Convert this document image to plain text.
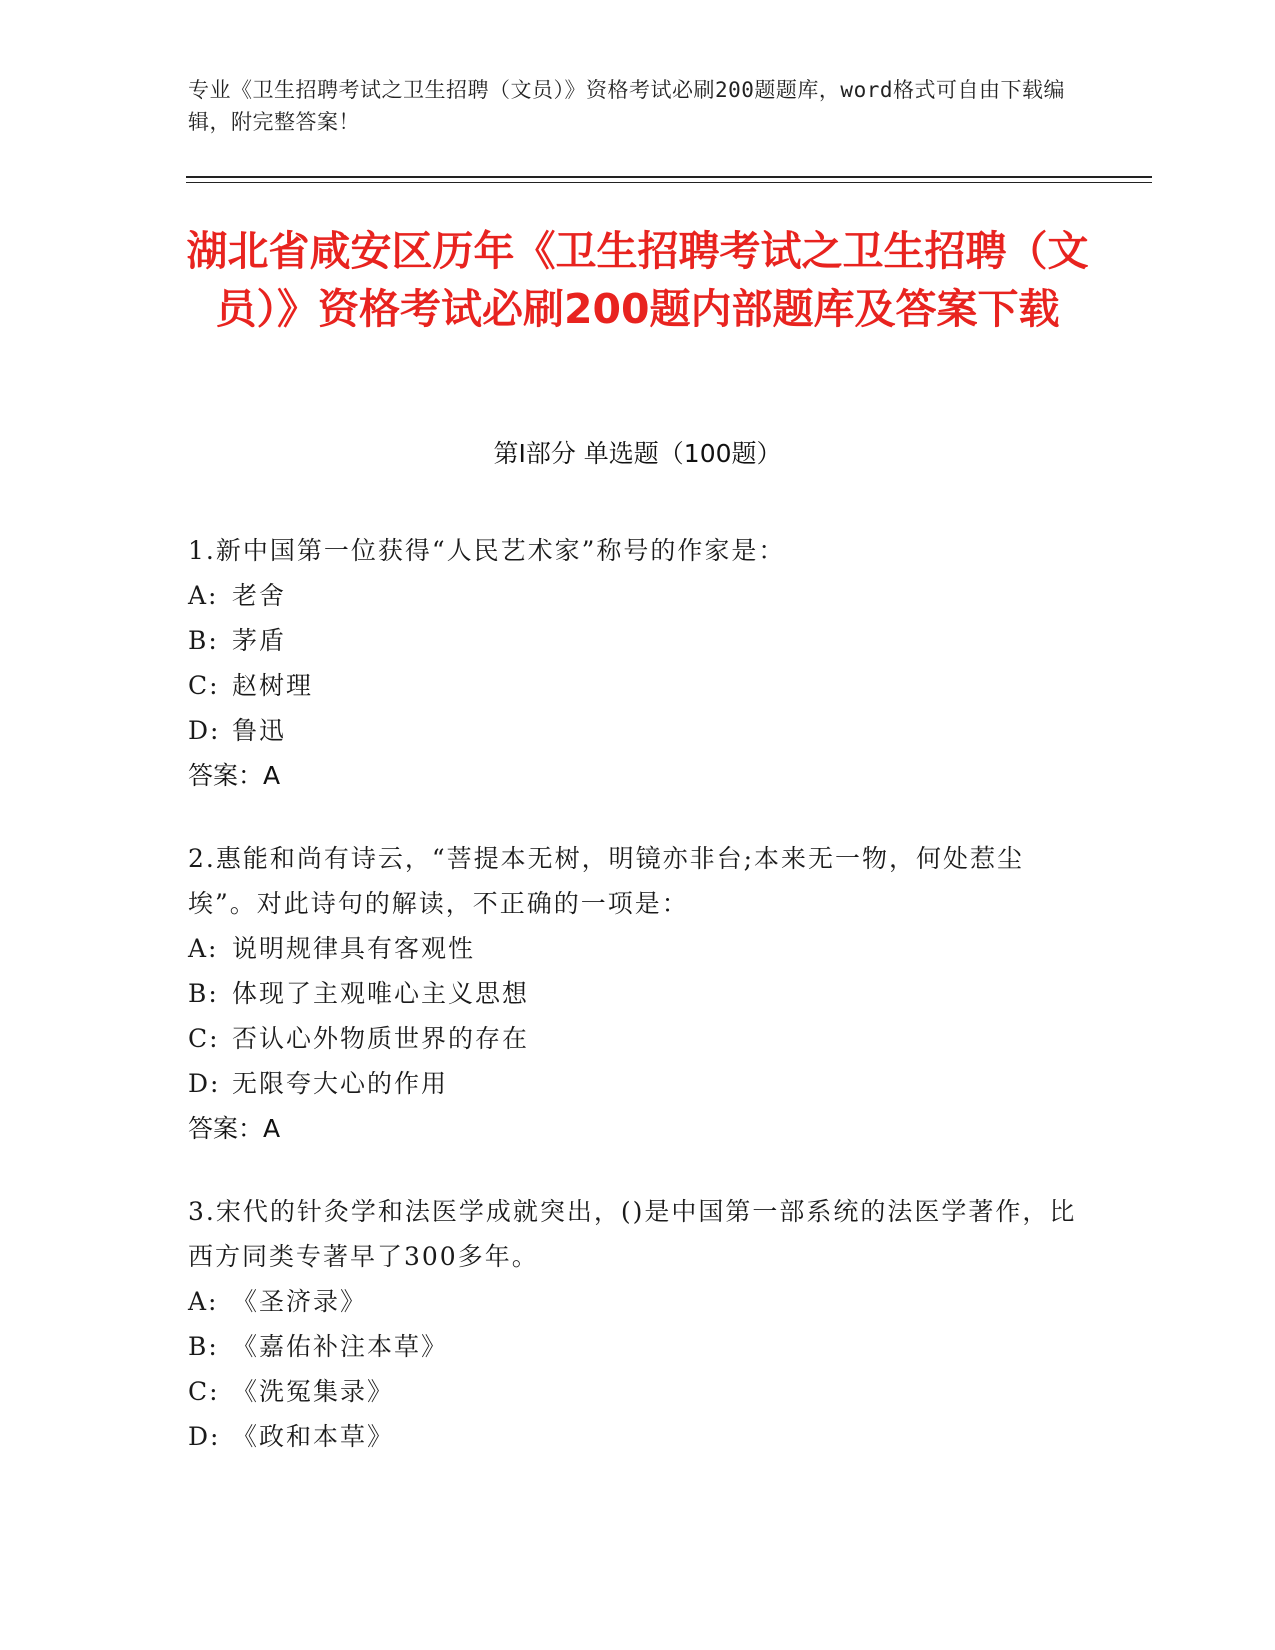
专业《卫生招聘考试之卫生招聘（文员）》资格考试必刷200题题库，word格式可自由下载编辑，附完整答案！
湖北省咸安区历年《卫生招聘考试之卫生招聘（文员）》资格考试必刷200题内部题库及答案下载
第Ⅰ部分 单选题（100题）
1.新中国第一位获得“人民艺术家”称号的作家是：
A: 老舍
B: 茅盾
C: 赵树理
D: 鲁迅
答案：A
2.惠能和尚有诗云，“菩提本无树，明镜亦非台;本来无一物，何处惹尘埃”。对此诗句的解读，不正确的一项是：
A: 说明规律具有客观性
B: 体现了主观唯心主义思想
C: 否认心外物质世界的存在
D: 无限夸大心的作用
答案：A
3.宋代的针灸学和法医学成就突出，()是中国第一部系统的法医学著作，比西方同类专著早了300多年。
A: 《圣济录》
B: 《嘉佑补注本草》
C: 《洗冤集录》
D: 《政和本草》
